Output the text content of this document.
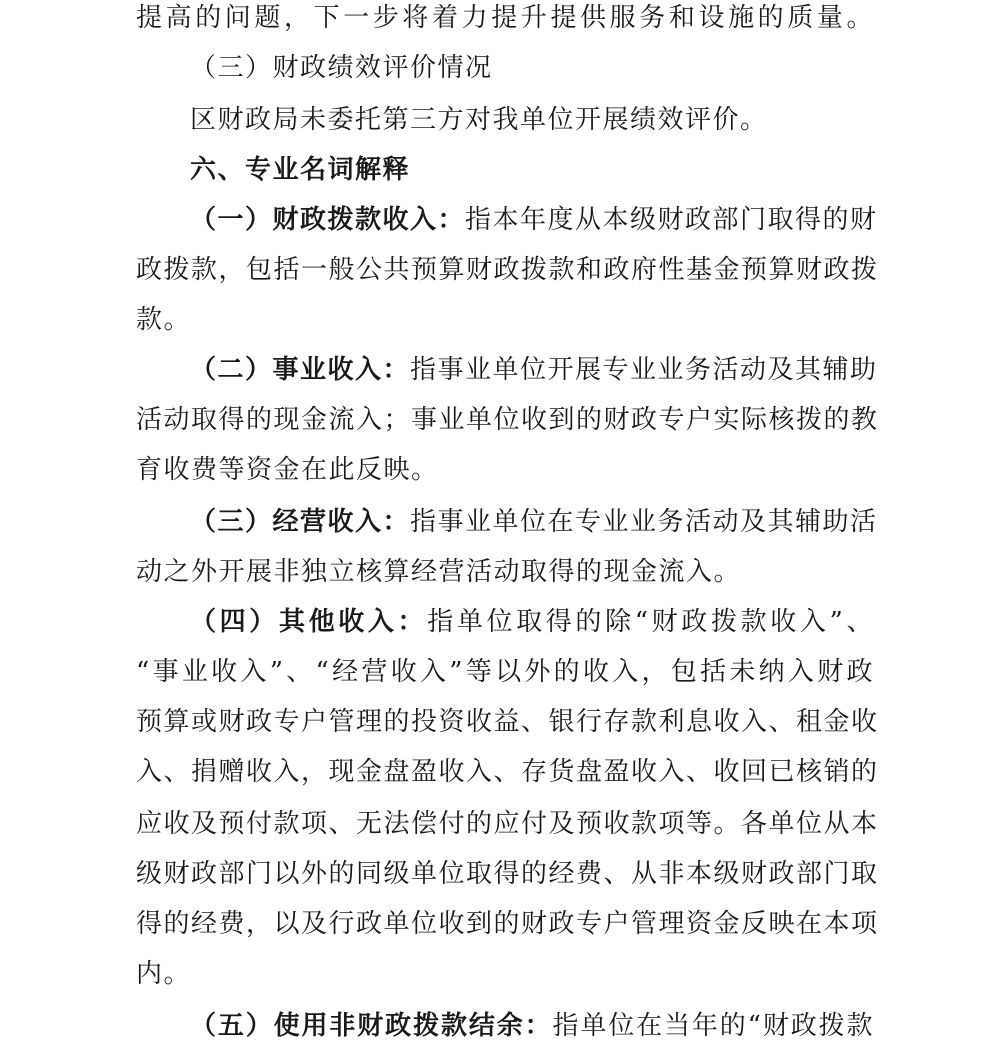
提高的问题，下一步将着力提升提供服务和设施的质量。
（三）财政绩效评价情况
区财政局未委托第三方对我单位开展绩效评价。
六、专业名词解释
（一）财政拨款收入：指本年度从本级财政部门取得的财
政拨款，包括一般公共预算财政拨款和政府性基金预算财政拨
款。
（二）事业收入：指事业单位开展专业业务活动及其辅助
活动取得的现金流入；事业单位收到的财政专户实际核拨的教
育收费等资金在此反映。
（三）经营收入：指事业单位在专业业务活动及其辅助活
动之外开展非独立核算经营活动取得的现金流入。
（四）其他收入：指单位取得的除“财政拨款收入”、
“事业收入”、“经营收入”等以外的收入，包括未纳入财政
预算或财政专户管理的投资收益、银行存款利息收入、租金收
入、捐赠收入，现金盘盈收入、存货盘盈收入、收回已核销的
应收及预付款项、无法偿付的应付及预收款项等。各单位从本
级财政部门以外的同级单位取得的经费、从非本级财政部门取
得的经费，以及行政单位收到的财政专户管理资金反映在本项
内。
（五）使用非财政拨款结余：指单位在当年的“财政拨款
